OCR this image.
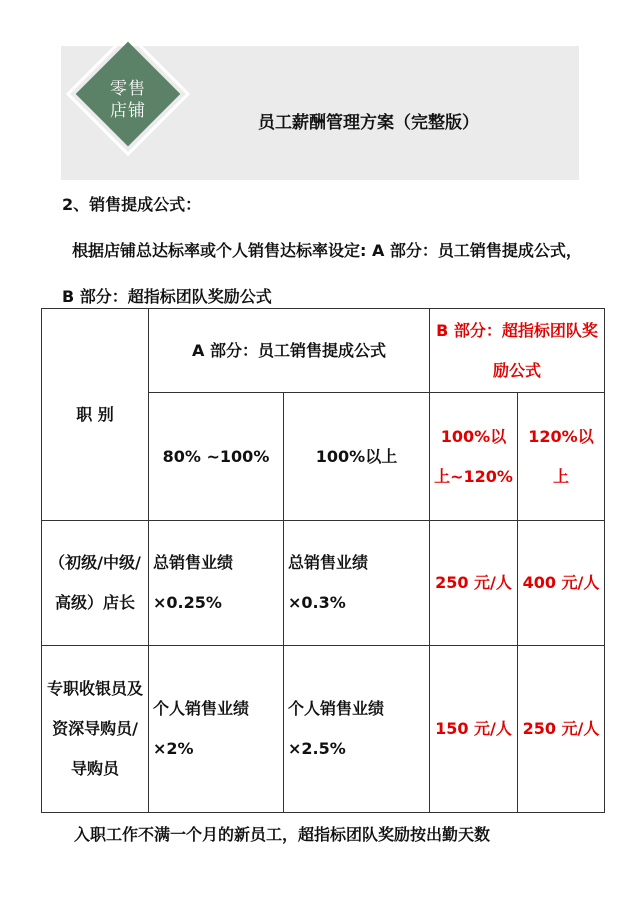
零售
店铺
员工薪酬管理方案（完整版）
2、销售提成公式：
根据店铺总达标率或个人销售达标率设定: A 部分：员工销售提成公式，B 部分：超指标团队奖励公式
职 别	A 部分：员工销售提成公式		B 部分：超指标团队奖励公式	
	80% ~100%	100%以上	100%以上~120%	120%以上
（初级/中级/高级）店长	总销售业绩×0.25%	总销售业绩×0.3%	250 元/人	400 元/人
专职收银员及资深导购员/导购员	个人销售业绩×2%	个人销售业绩×2.5%	150 元/人	250 元/人
入职工作不满一个月的新员工，超指标团队奖励按出勤天数
